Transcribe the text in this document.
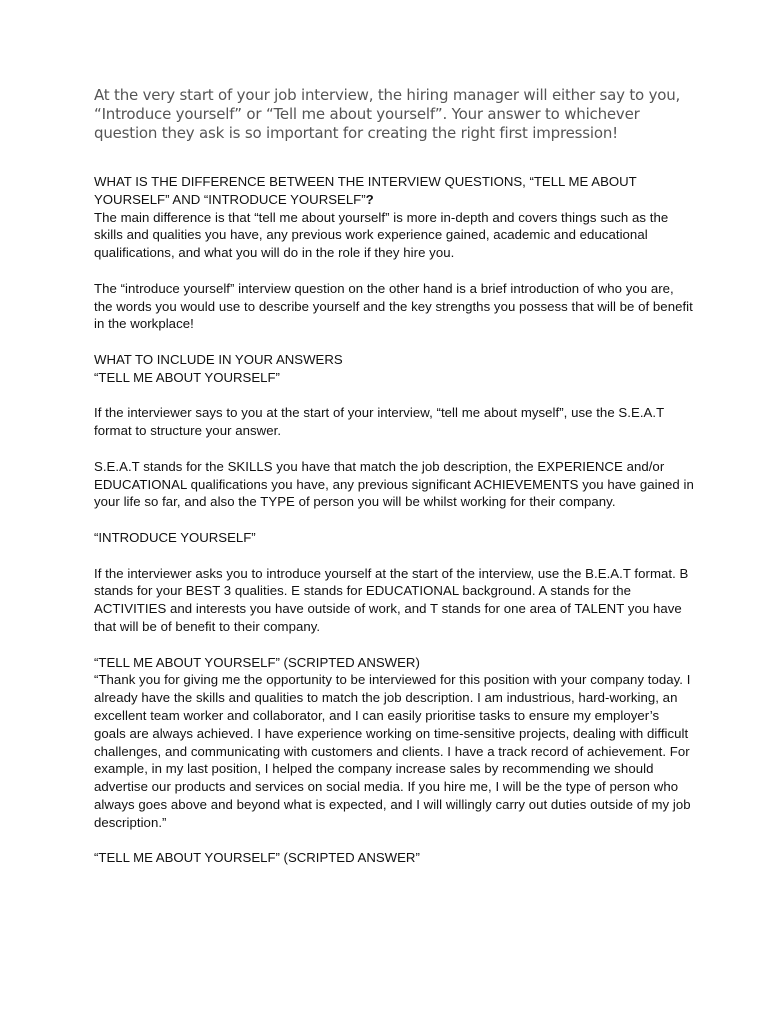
At the very start of your job interview, the hiring manager will either say to you, “Introduce yourself” or “Tell me about yourself”. Your answer to whichever question they ask is so important for creating the right first impression!

WHAT IS THE DIFFERENCE BETWEEN THE INTERVIEW QUESTIONS, “TELL ME ABOUT YOURSELF” AND “INTRODUCE YOURSELF”?

The main difference is that “tell me about yourself” is more in-depth and covers things such as the skills and qualities you have, any previous work experience gained, academic and educational qualifications, and what you will do in the role if they hire you.

The “introduce yourself” interview question on the other hand is a brief introduction of who you are, the words you would use to describe yourself and the key strengths you possess that will be of benefit in the workplace!

WHAT TO INCLUDE IN YOUR ANSWERS

“TELL ME ABOUT YOURSELF”

If the interviewer says to you at the start of your interview, “tell me about myself”, use the S.E.A.T format to structure your answer.

S.E.A.T stands for the SKILLS you have that match the job description, the EXPERIENCE and/or EDUCATIONAL qualifications you have, any previous significant ACHIEVEMENTS you have gained in your life so far, and also the TYPE of person you will be whilst working for their company.

“INTRODUCE YOURSELF”

If the interviewer asks you to introduce yourself at the start of the interview, use the B.E.A.T format. B stands for your BEST 3 qualities. E stands for EDUCATIONAL background. A stands for the ACTIVITIES and interests you have outside of work, and T stands for one area of TALENT you have that will be of benefit to their company.

“TELL ME ABOUT YOURSELF” (SCRIPTED ANSWER)

“Thank you for giving me the opportunity to be interviewed for this position with your company today. I already have the skills and qualities to match the job description. I am industrious, hard-working, an excellent team worker and collaborator, and I can easily prioritise tasks to ensure my employer’s goals are always achieved. I have experience working on time-sensitive projects, dealing with difficult challenges, and communicating with customers and clients. I have a track record of achievement. For example, in my last position, I helped the company increase sales by recommending we should advertise our products and services on social media. If you hire me, I will be the type of person who always goes above and beyond what is expected, and I will willingly carry out duties outside of my job description.”

“TELL ME ABOUT YOURSELF” (SCRIPTED ANSWER”
